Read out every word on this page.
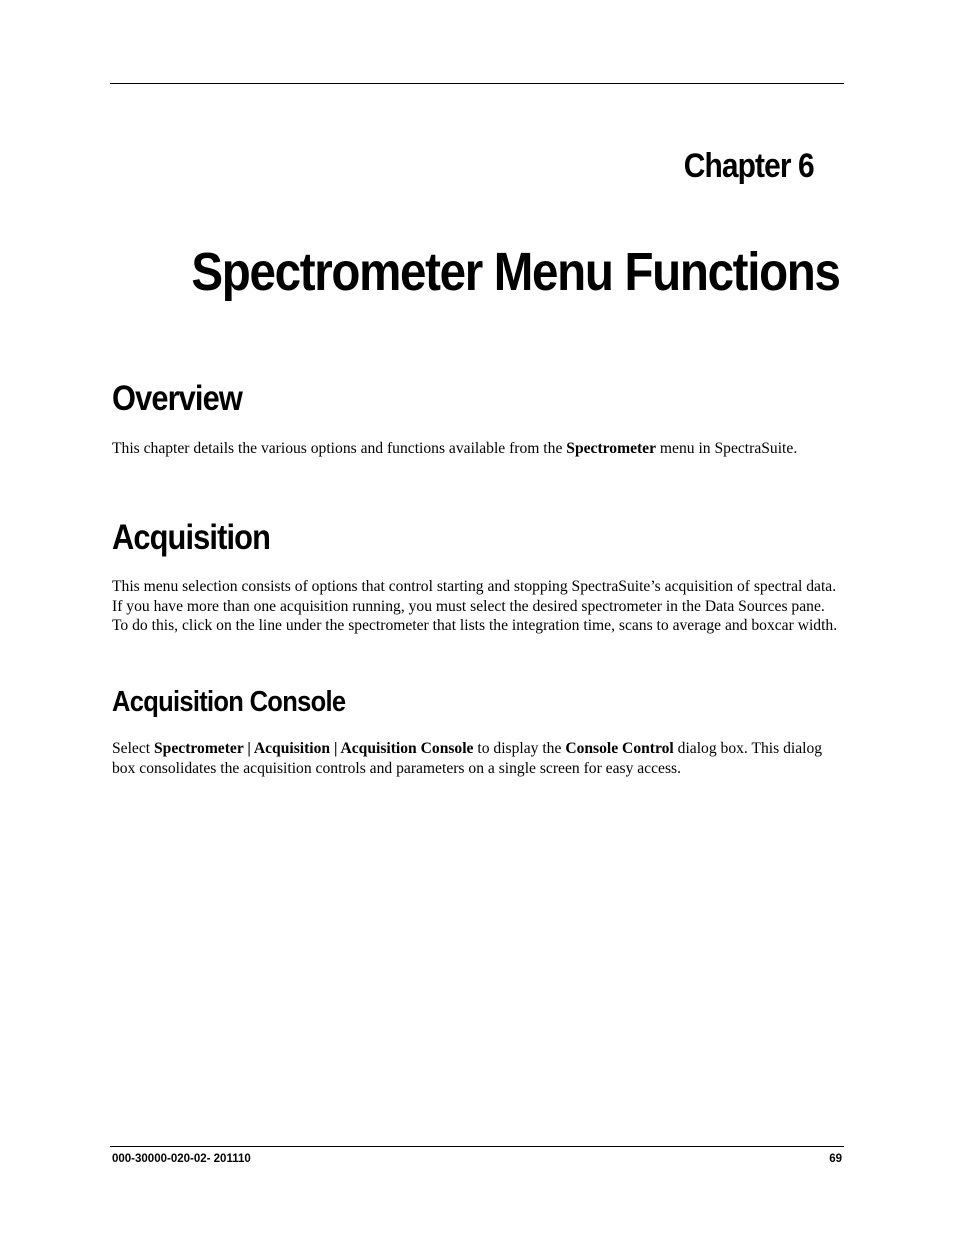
Chapter 6
Spectrometer Menu Functions
Overview

This chapter details the various options and functions available from the Spectrometer menu in SpectraSuite.

Acquisition

This menu selection consists of options that control starting and stopping SpectraSuite’s acquisition of spectral data. If you have more than one acquisition running, you must select the desired spectrometer in the Data Sources pane. To do this, click on the line under the spectrometer that lists the integration time, scans to average and boxcar width.

Acquisition Console

Select Spectrometer | Acquisition | Acquisition Console to display the Console Control dialog box. This dialog box consolidates the acquisition controls and parameters on a single screen for easy access.

000-30000-020-02- 201110	69
